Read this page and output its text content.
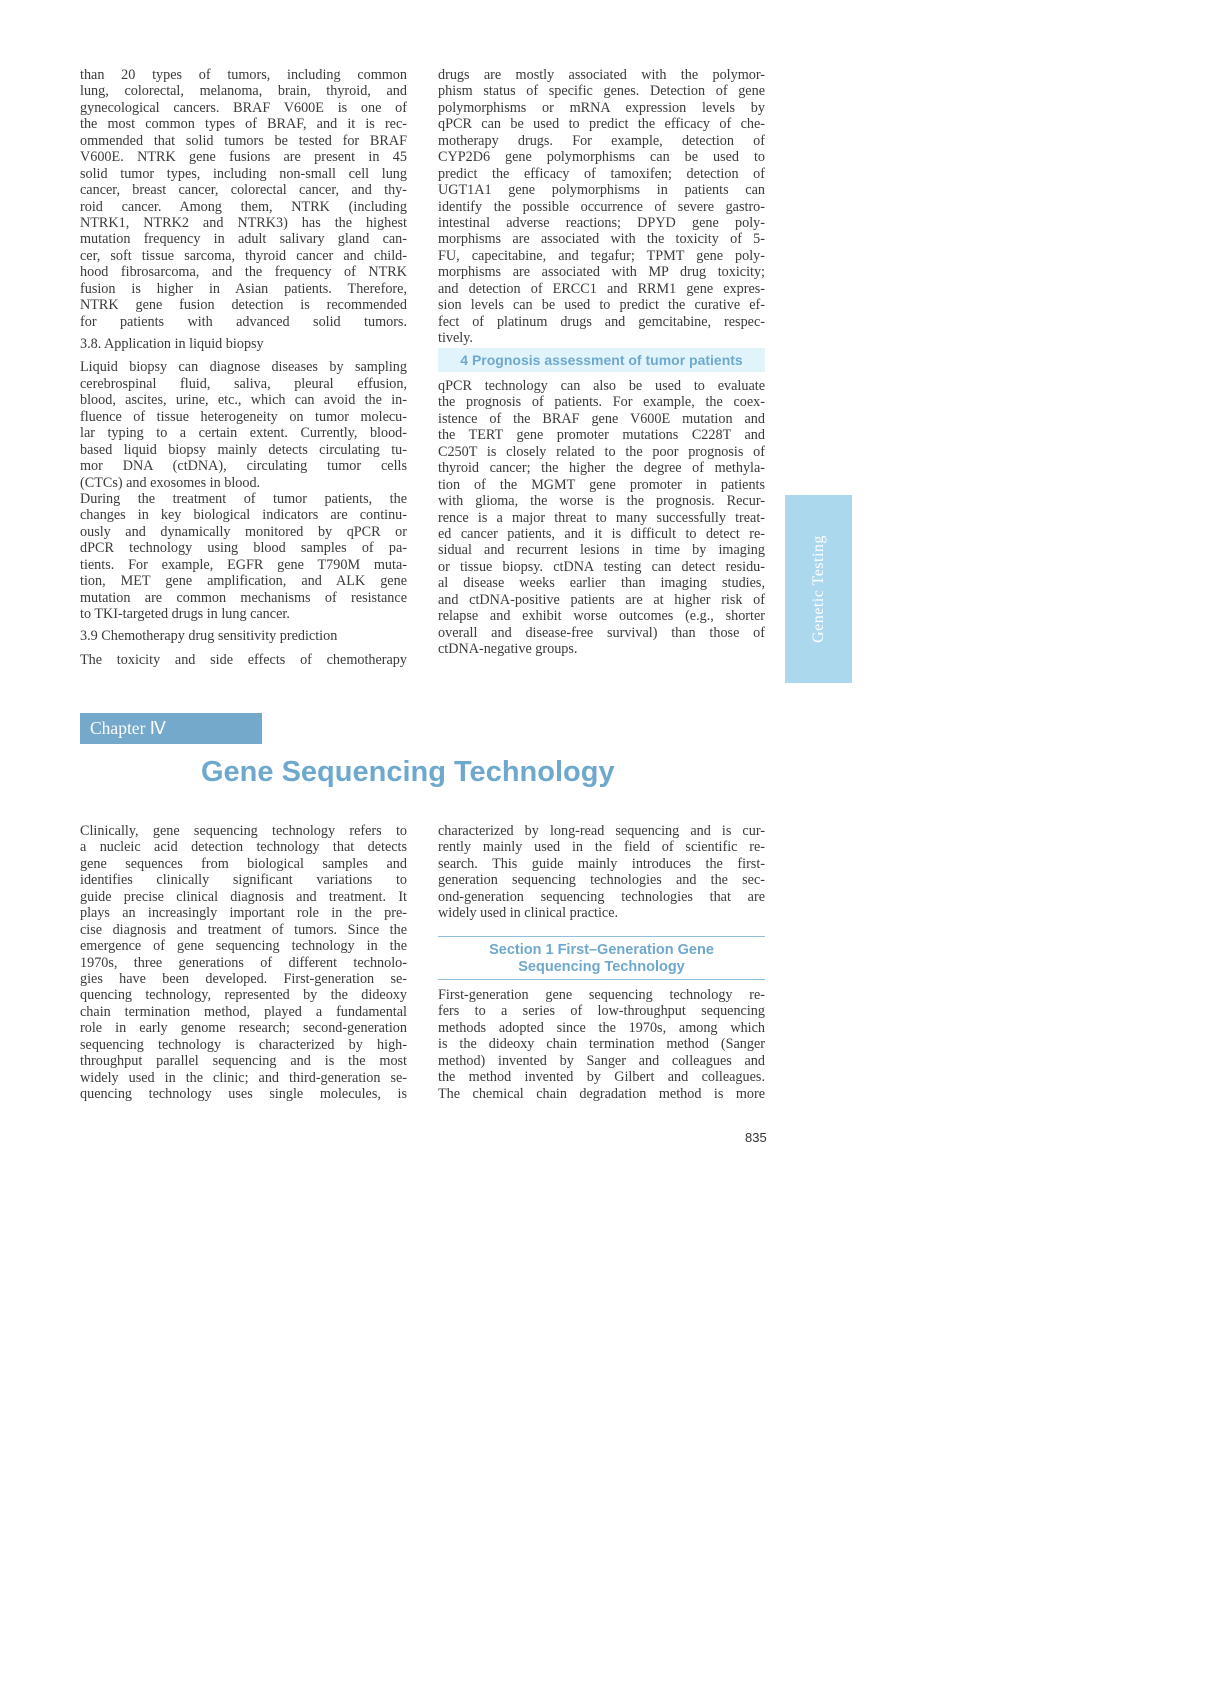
than 20 types of tumors, including common
lung, colorectal, melanoma, brain, thyroid, and
gynecological cancers. BRAF V600E is one of
the most common types of BRAF, and it is rec-
ommended that solid tumors be tested for BRAF
V600E. NTRK gene fusions are present in 45
solid tumor types, including non-small cell lung
cancer, breast cancer, colorectal cancer, and thy-
roid cancer. Among them, NTRK (including
NTRK1, NTRK2 and NTRK3) has the highest
mutation frequency in adult salivary gland can-
cer, soft tissue sarcoma, thyroid cancer and child-
hood fibrosarcoma, and the frequency of NTRK
fusion is higher in Asian patients. Therefore,
NTRK gene fusion detection is recommended
for patients with advanced solid tumors.
3.8. Application in liquid biopsy
Liquid biopsy can diagnose diseases by sampling
cerebrospinal fluid, saliva, pleural effusion,
blood, ascites, urine, etc., which can avoid the in-
fluence of tissue heterogeneity on tumor molecu-
lar typing to a certain extent. Currently, blood-
based liquid biopsy mainly detects circulating tu-
mor DNA (ctDNA), circulating tumor cells
(CTCs) and exosomes in blood.
During the treatment of tumor patients, the
changes in key biological indicators are continu-
ously and dynamically monitored by qPCR or
dPCR technology using blood samples of pa-
tients. For example, EGFR gene T790M muta-
tion, MET gene amplification, and ALK gene
mutation are common mechanisms of resistance
to TKI-targeted drugs in lung cancer.
3.9 Chemotherapy drug sensitivity prediction
The toxicity and side effects of chemotherapy
drugs are mostly associated with the polymor-
phism status of specific genes. Detection of gene
polymorphisms or mRNA expression levels by
qPCR can be used to predict the efficacy of che-
motherapy drugs. For example, detection of
CYP2D6 gene polymorphisms can be used to
predict the efficacy of tamoxifen; detection of
UGT1A1 gene polymorphisms in patients can
identify the possible occurrence of severe gastro-
intestinal adverse reactions; DPYD gene poly-
morphisms are associated with the toxicity of 5-
FU, capecitabine, and tegafur; TPMT gene poly-
morphisms are associated with MP drug toxicity;
and detection of ERCC1 and RRM1 gene expres-
sion levels can be used to predict the curative ef-
fect of platinum drugs and gemcitabine, respec-
tively.
4 Prognosis assessment of tumor patients
qPCR technology can also be used to evaluate
the prognosis of patients. For example, the coex-
istence of the BRAF gene V600E mutation and
the TERT gene promoter mutations C228T and
C250T is closely related to the poor prognosis of
thyroid cancer; the higher the degree of methyla-
tion of the MGMT gene promoter in patients
with glioma, the worse is the prognosis. Recur-
rence is a major threat to many successfully treat-
ed cancer patients, and it is difficult to detect re-
sidual and recurrent lesions in time by imaging
or tissue biopsy. ctDNA testing can detect residu-
al disease weeks earlier than imaging studies,
and ctDNA-positive patients are at higher risk of
relapse and exhibit worse outcomes (e.g., shorter
overall and disease-free survival) than those of
ctDNA-negative groups.
Genetic Testing
Chapter Ⅳ
Gene Sequencing Technology
Clinically, gene sequencing technology refers to
a nucleic acid detection technology that detects
gene sequences from biological samples and
identifies clinically significant variations to
guide precise clinical diagnosis and treatment. It
plays an increasingly important role in the pre-
cise diagnosis and treatment of tumors. Since the
emergence of gene sequencing technology in the
1970s, three generations of different technolo-
gies have been developed. First-generation se-
quencing technology, represented by the dideoxy
chain termination method, played a fundamental
role in early genome research; second-generation
sequencing technology is characterized by high-
throughput parallel sequencing and is the most
widely used in the clinic; and third-generation se-
quencing technology uses single molecules, is
characterized by long-read sequencing and is cur-
rently mainly used in the field of scientific re-
search. This guide mainly introduces the first-
generation sequencing technologies and the sec-
ond-generation sequencing technologies that are
widely used in clinical practice.
Section 1 First–Generation Gene
Sequencing Technology
First-generation gene sequencing technology re-
fers to a series of low-throughput sequencing
methods adopted since the 1970s, among which
is the dideoxy chain termination method (Sanger
method) invented by Sanger and colleagues and
the method invented by Gilbert and colleagues.
The chemical chain degradation method is more
835
